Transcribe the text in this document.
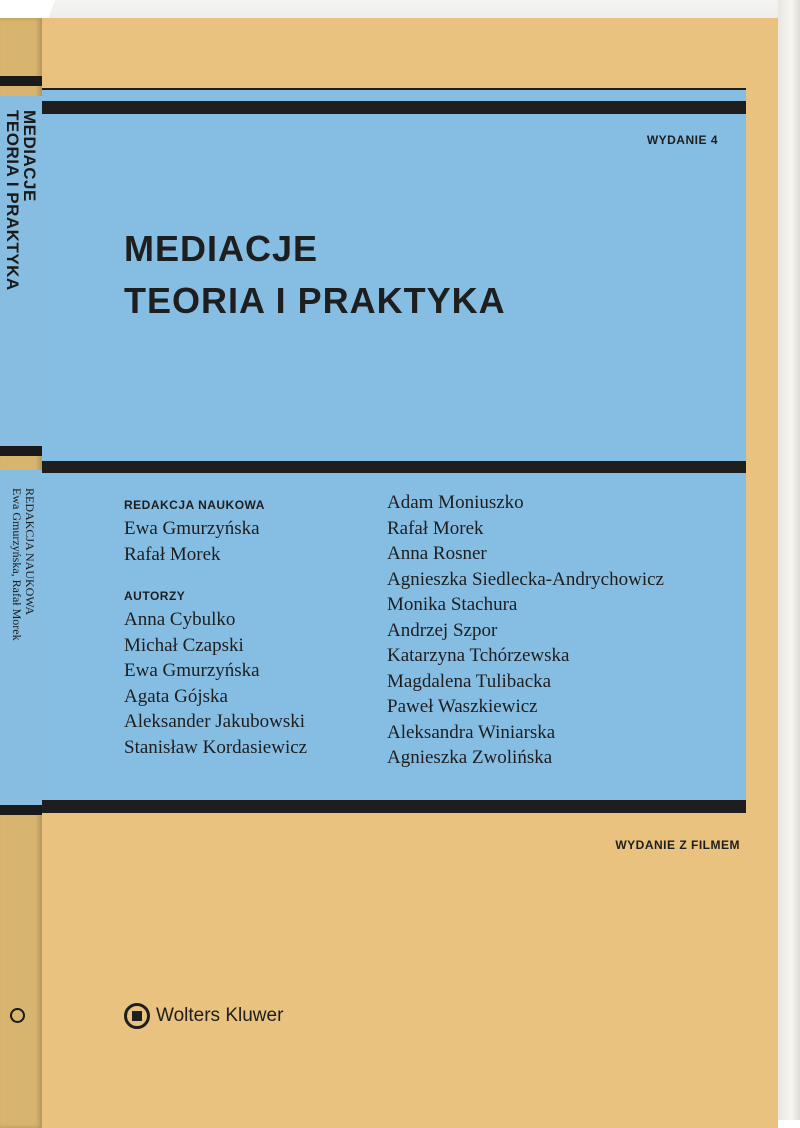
MEDIACJE
TEORIA I PRAKTYKA
REDAKCJA NAUKOWA
Ewa Gmurzyńska, Rafał Morek
WYDANIE 4
MEDIACJE
TEORIA I PRAKTYKA
REDAKCJA NAUKOWA
Ewa Gmurzyńska
Rafał Morek
AUTORZY
Anna Cybulko
Michał Czapski
Ewa Gmurzyńska
Agata Gójska
Aleksander Jakubowski
Stanisław Kordasiewicz
Adam Moniuszko
Rafał Morek
Anna Rosner
Agnieszka Siedlecka-Andrychowicz
Monika Stachura
Andrzej Szpor
Katarzyna Tchórzewska
Magdalena Tulibacka
Paweł Waszkiewicz
Aleksandra Winiarska
Agnieszka Zwolińska
WYDANIE Z FILMEM
Wolters Kluwer
